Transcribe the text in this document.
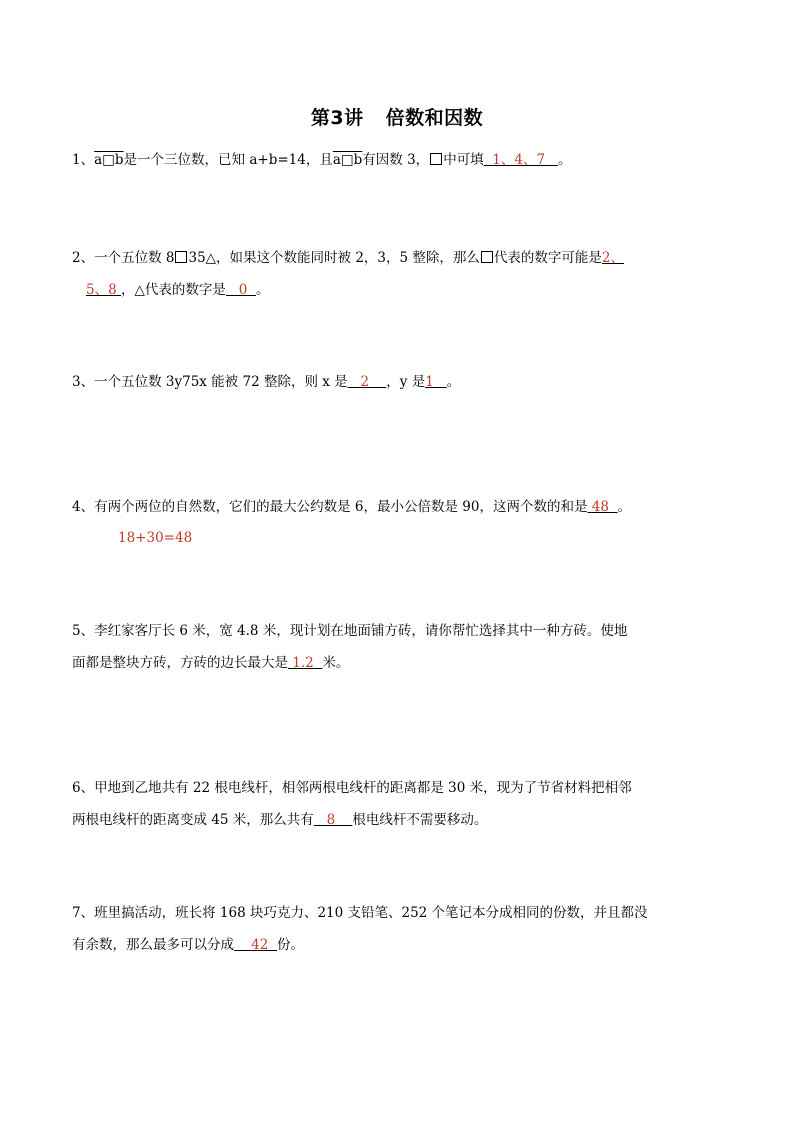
第3讲 倍数和因数
1、a□b是一个三位数，已知 a+b=14，且a□b有因数 3， 中可填 1、4、7 。
2、一个五位数 8 35△，如果这个数能同时被 2，3，5 整除，那么 代表的数字可能是2、
5、8 ，△代表的数字是 0 。
3、一个五位数 3y75x 能被 72 整除，则 x 是 2 ，y 是1 。
4、有两个两位的自然数，它们的最大公约数是 6，最小公倍数是 90，这两个数的和是 48 。
18+30=48
5、李红家客厅长 6 米，宽 4.8 米，现计划在地面铺方砖，请你帮忙选择其中一种方砖。使地
面都是整块方砖，方砖的边长最大是 1.2 米。
6、甲地到乙地共有 22 根电线杆，相邻两根电线杆的距离都是 30 米，现为了节省材料把相邻
两根电线杆的距离变成 45 米，那么共有 8 根电线杆不需要移动。
7、班里搞活动，班长将 168 块巧克力、210 支铅笔、252 个笔记本分成相同的份数，并且都没
有余数，那么最多可以分成 42 份。
